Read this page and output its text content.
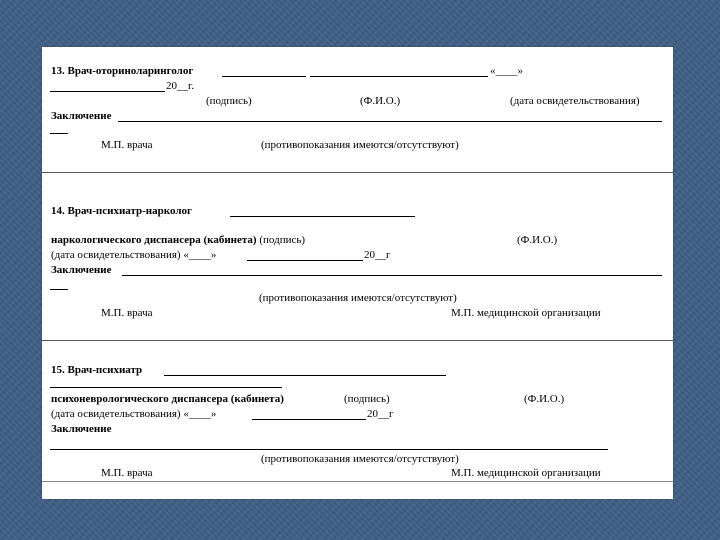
13. Врач-оториноларинголог	«____»
20__г.
(подпись)	(Ф.И.О.)	(дата освидетельствования)
Заключение
М.П. врача	(противопоказания имеются/отсутствуют)
14. Врач-психиатр-нарколог
наркологического диспансера (кабинета) (подпись)	(Ф.И.О.)
(дата освидетельствования) «____»	20__г
Заключение
(противопоказания имеются/отсутствуют)
М.П. врача	М.П. медицинской организации
15. Врач-психиатр
психоневрологического диспансера (кабинета)	(подпись)	(Ф.И.О.)
(дата освидетельствования) «____»	20__г
Заключение
(противопоказания имеются/отсутствуют)
М.П. врача	М.П. медицинской организации
